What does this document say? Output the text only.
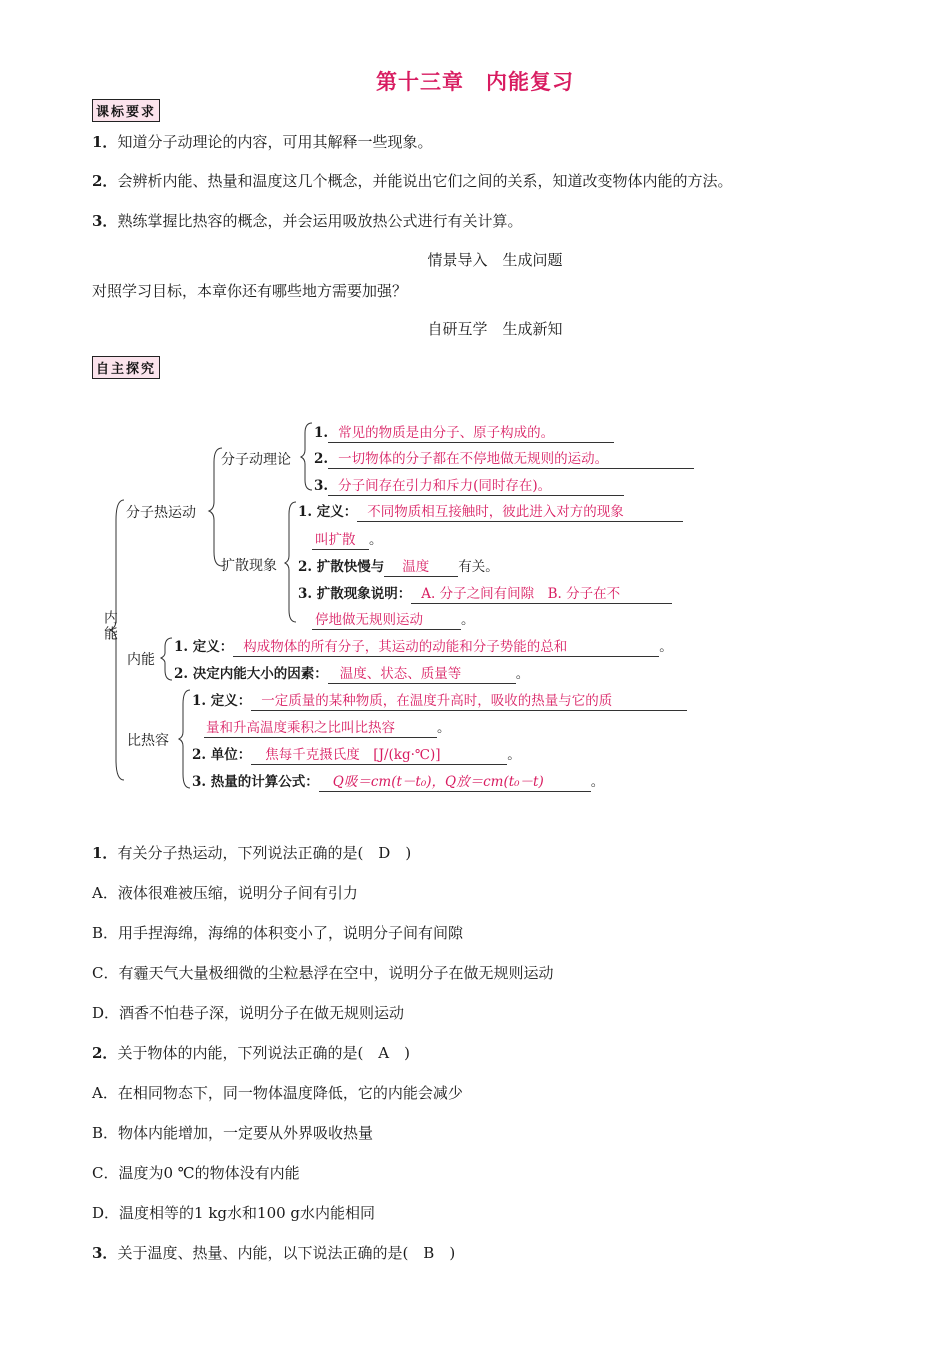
第十三章　内能复习
课标要求
1．知道分子动理论的内容，可用其解释一些现象。
2．会辨析内能、热量和温度这几个概念，并能说出它们之间的关系，知道改变物体内能的方法。
3．熟练掌握比热容的概念，并会运用吸放热公式进行有关计算。
情景导入　生成问题
对照学习目标，本章你还有哪些地方需要加强？
自研互学　生成新知
自主探究
内能
分子热运动
分子动理论
1. 常见的物质是由分子、原子构成的。
2. 一切物体的分子都在不停地做无规则的运动。
3. 分子间存在引力和斥力(同时存在)。
扩散现象
1. 定义： 不同物质相互接触时，彼此进入对方的现象
叫扩散 。
2. 扩散快慢与 温度 有关。
3. 扩散现象说明： A. 分子之间有间隙　B. 分子在不
停地做无规则运动	。
内能
1. 定义： 构成物体的所有分子，其运动的动能和分子势能的总和	。
2. 决定内能大小的因素： 温度、状态、质量等	。
比热容
1. 定义： 一定质量的某种物质，在温度升高时，吸收的热量与它的质
量和升高温度乘积之比叫比热容	。
2. 单位： 焦每千克摄氏度　[J/(kg·℃)]	。
3. 热量的计算公式： Q吸＝cm(t－t₀)，Q放＝cm(t₀－t)	。
1．有关分子热运动，下列说法正确的是(　D　)
A．液体很难被压缩，说明分子间有引力
B．用手捏海绵，海绵的体积变小了，说明分子间有间隙
C．有霾天气大量极细微的尘粒悬浮在空中，说明分子在做无规则运动
D．酒香不怕巷子深，说明分子在做无规则运动
2．关于物体的内能，下列说法正确的是(　A　)
A．在相同物态下，同一物体温度降低，它的内能会减少
B．物体内能增加，一定要从外界吸收热量
C．温度为0 ℃的物体没有内能
D．温度相等的1 kg水和100 g水内能相同
3．关于温度、热量、内能，以下说法正确的是(　B　)
